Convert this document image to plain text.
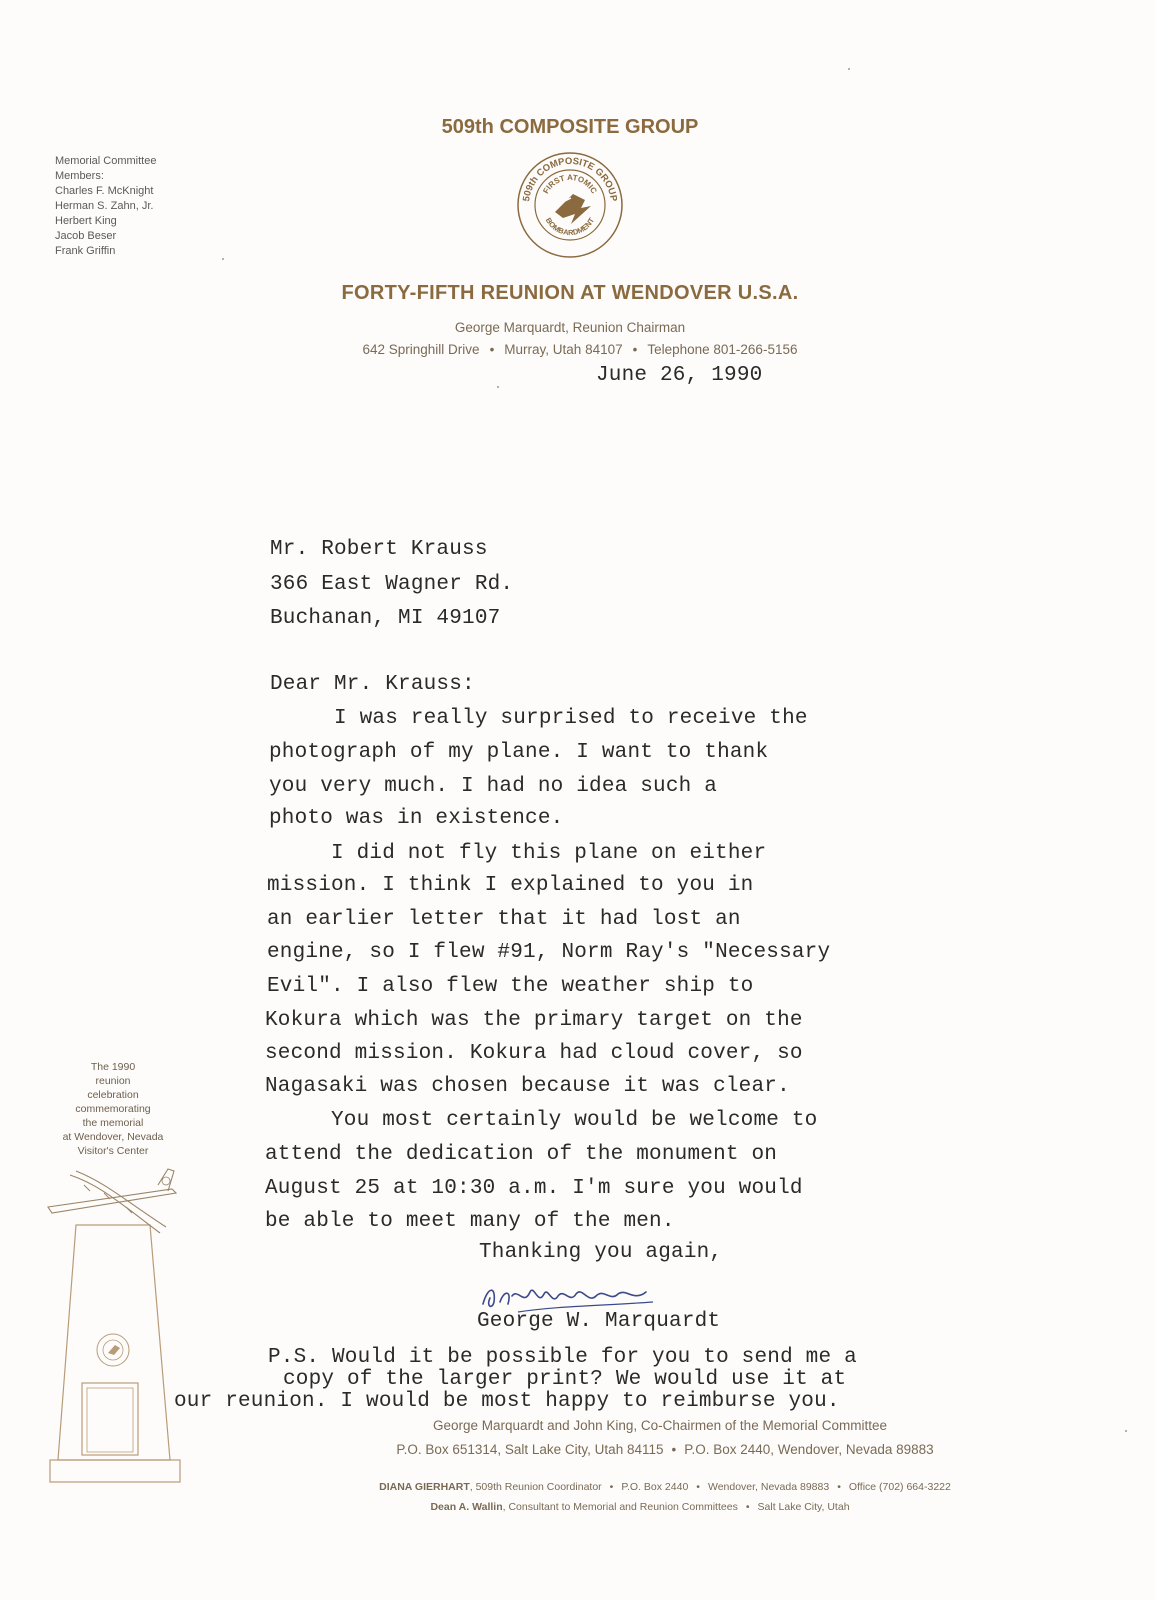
509th COMPOSITE GROUP
509th COMPOSITE GROUP
FIRST ATOMIC
BOMBARDMENT
FORTY-FIFTH REUNION AT WENDOVER U.S.A.
George Marquardt, Reunion Chairman
642 Springhill Drive • Murray, Utah 84107 • Telephone 801-266-5156
Memorial Committee
Members:
Charles F. McKnight
Herman S. Zahn, Jr.
Herbert King
Jacob Beser
Frank Griffin
June 26, 1990
Mr. Robert Krauss
366 East Wagner Rd.
Buchanan, MI 49107
Dear Mr. Krauss:
I was really surprised to receive the
photograph of my plane. I want to thank
you very much. I had no idea such a
photo was in existence.
I did not fly this plane on either
mission. I think I explained to you in
an earlier letter that it had lost an
engine, so I flew #91, Norm Ray's "Necessary
Evil". I also flew the weather ship to
Kokura which was the primary target on the
second mission. Kokura had cloud cover, so
Nagasaki was chosen because it was clear.
You most certainly would be welcome to
attend the dedication of the monument on
August 25 at 10:30 a.m. I'm sure you would
be able to meet many of the men.
Thanking you again,
George W. Marquardt
P.S. Would it be possible for you to send me a
copy of the larger print? We would use it at
our reunion. I would be most happy to reimburse you.
The 1990
reunion
celebration
commemorating
the memorial
at Wendover, Nevada
Visitor's Center
George Marquardt and John King, Co-Chairmen of the Memorial Committee
P.O. Box 651314, Salt Lake City, Utah 84115 • P.O. Box 2440, Wendover, Nevada 89883
DIANA GIERHART, 509th Reunion Coordinator • P.O. Box 2440 • Wendover, Nevada 89883 • Office (702) 664-3222
Dean A. Wallin, Consultant to Memorial and Reunion Committees • Salt Lake City, Utah
